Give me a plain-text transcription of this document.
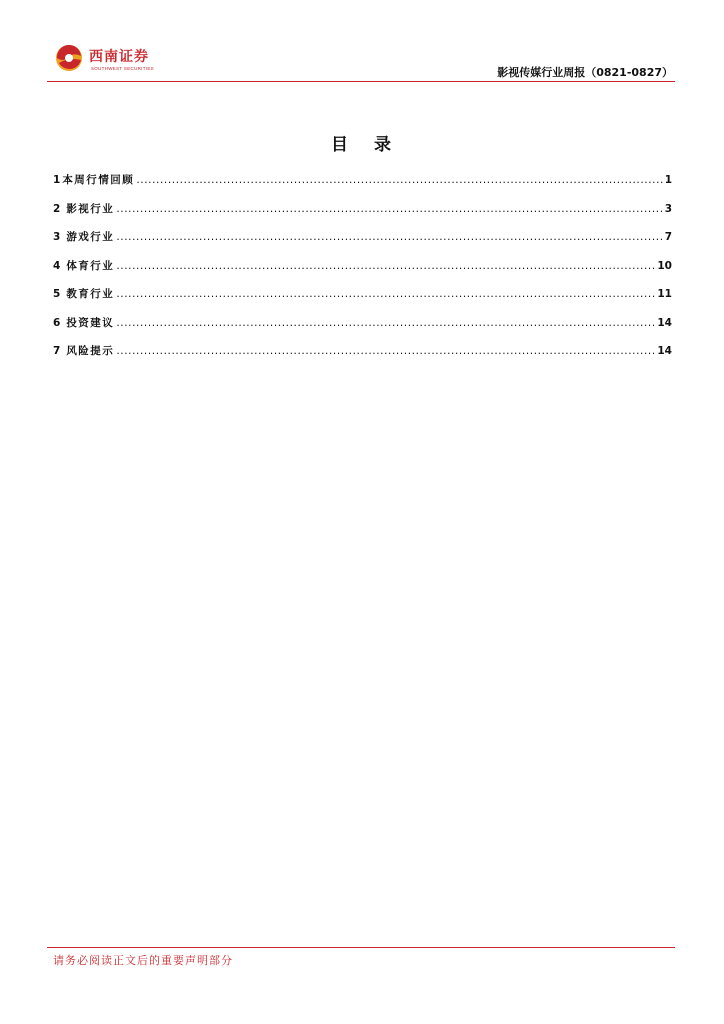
西南证券
SOUTHWEST SECURITIES	影视传媒行业周报（0821-0827）
目 录
1 本周行情回顾 .....	1
2 影视行业 .....	3
3 游戏行业 .....	7
4 体育行业 .....	10
5 教育行业 .....	11
6 投资建议 .....	14
7 风险提示 .....	14
请务必阅读正文后的重要声明部分
